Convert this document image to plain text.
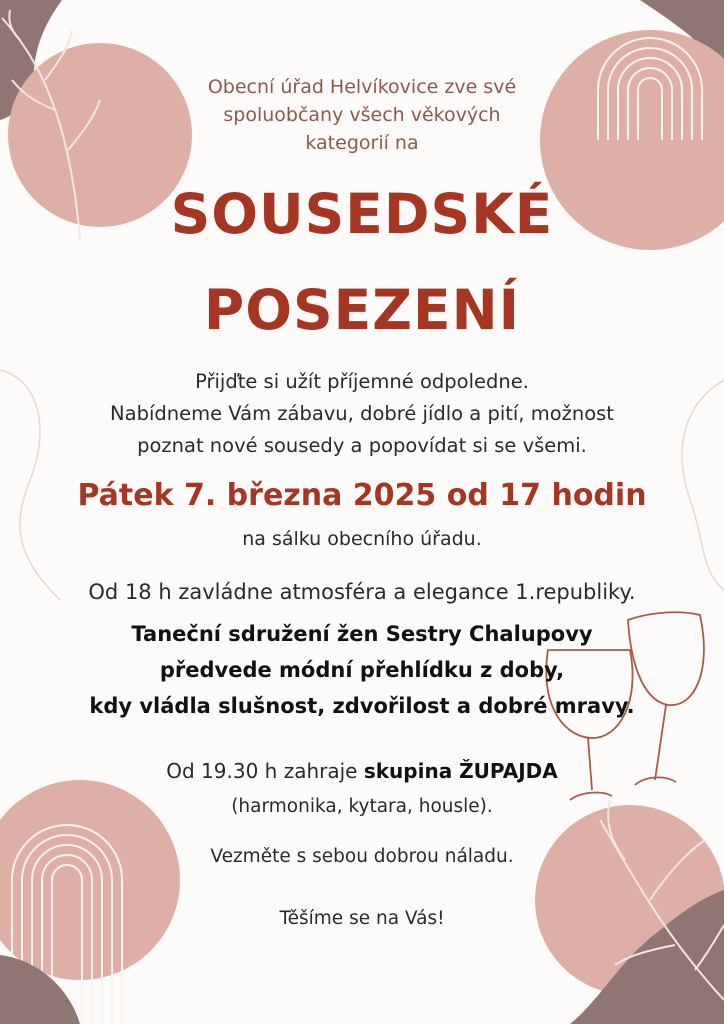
Obecní úřad Helvíkovice zve své
spoluobčany všech věkových
kategorií na
SOUSEDSKÉ
POSEZENÍ
Přijďte si užít příjemné odpoledne.
Nabídneme Vám zábavu, dobré jídlo a pití, možnost
poznat nové sousedy a popovídat si se všemi.
Pátek 7. března 2025 od 17 hodin
na sálku obecního úřadu.
Od 18 h zavládne atmosféra a elegance 1.republiky.
Taneční sdružení žen Sestry Chalupovy
předvede módní přehlídku z doby,
kdy vládla slušnost, zdvořilost a dobré mravy.
Od 19.30 h zahraje skupina ŽUPAJDA
(harmonika, kytara, housle).
Vezměte s sebou dobrou náladu.
Těšíme se na Vás!
